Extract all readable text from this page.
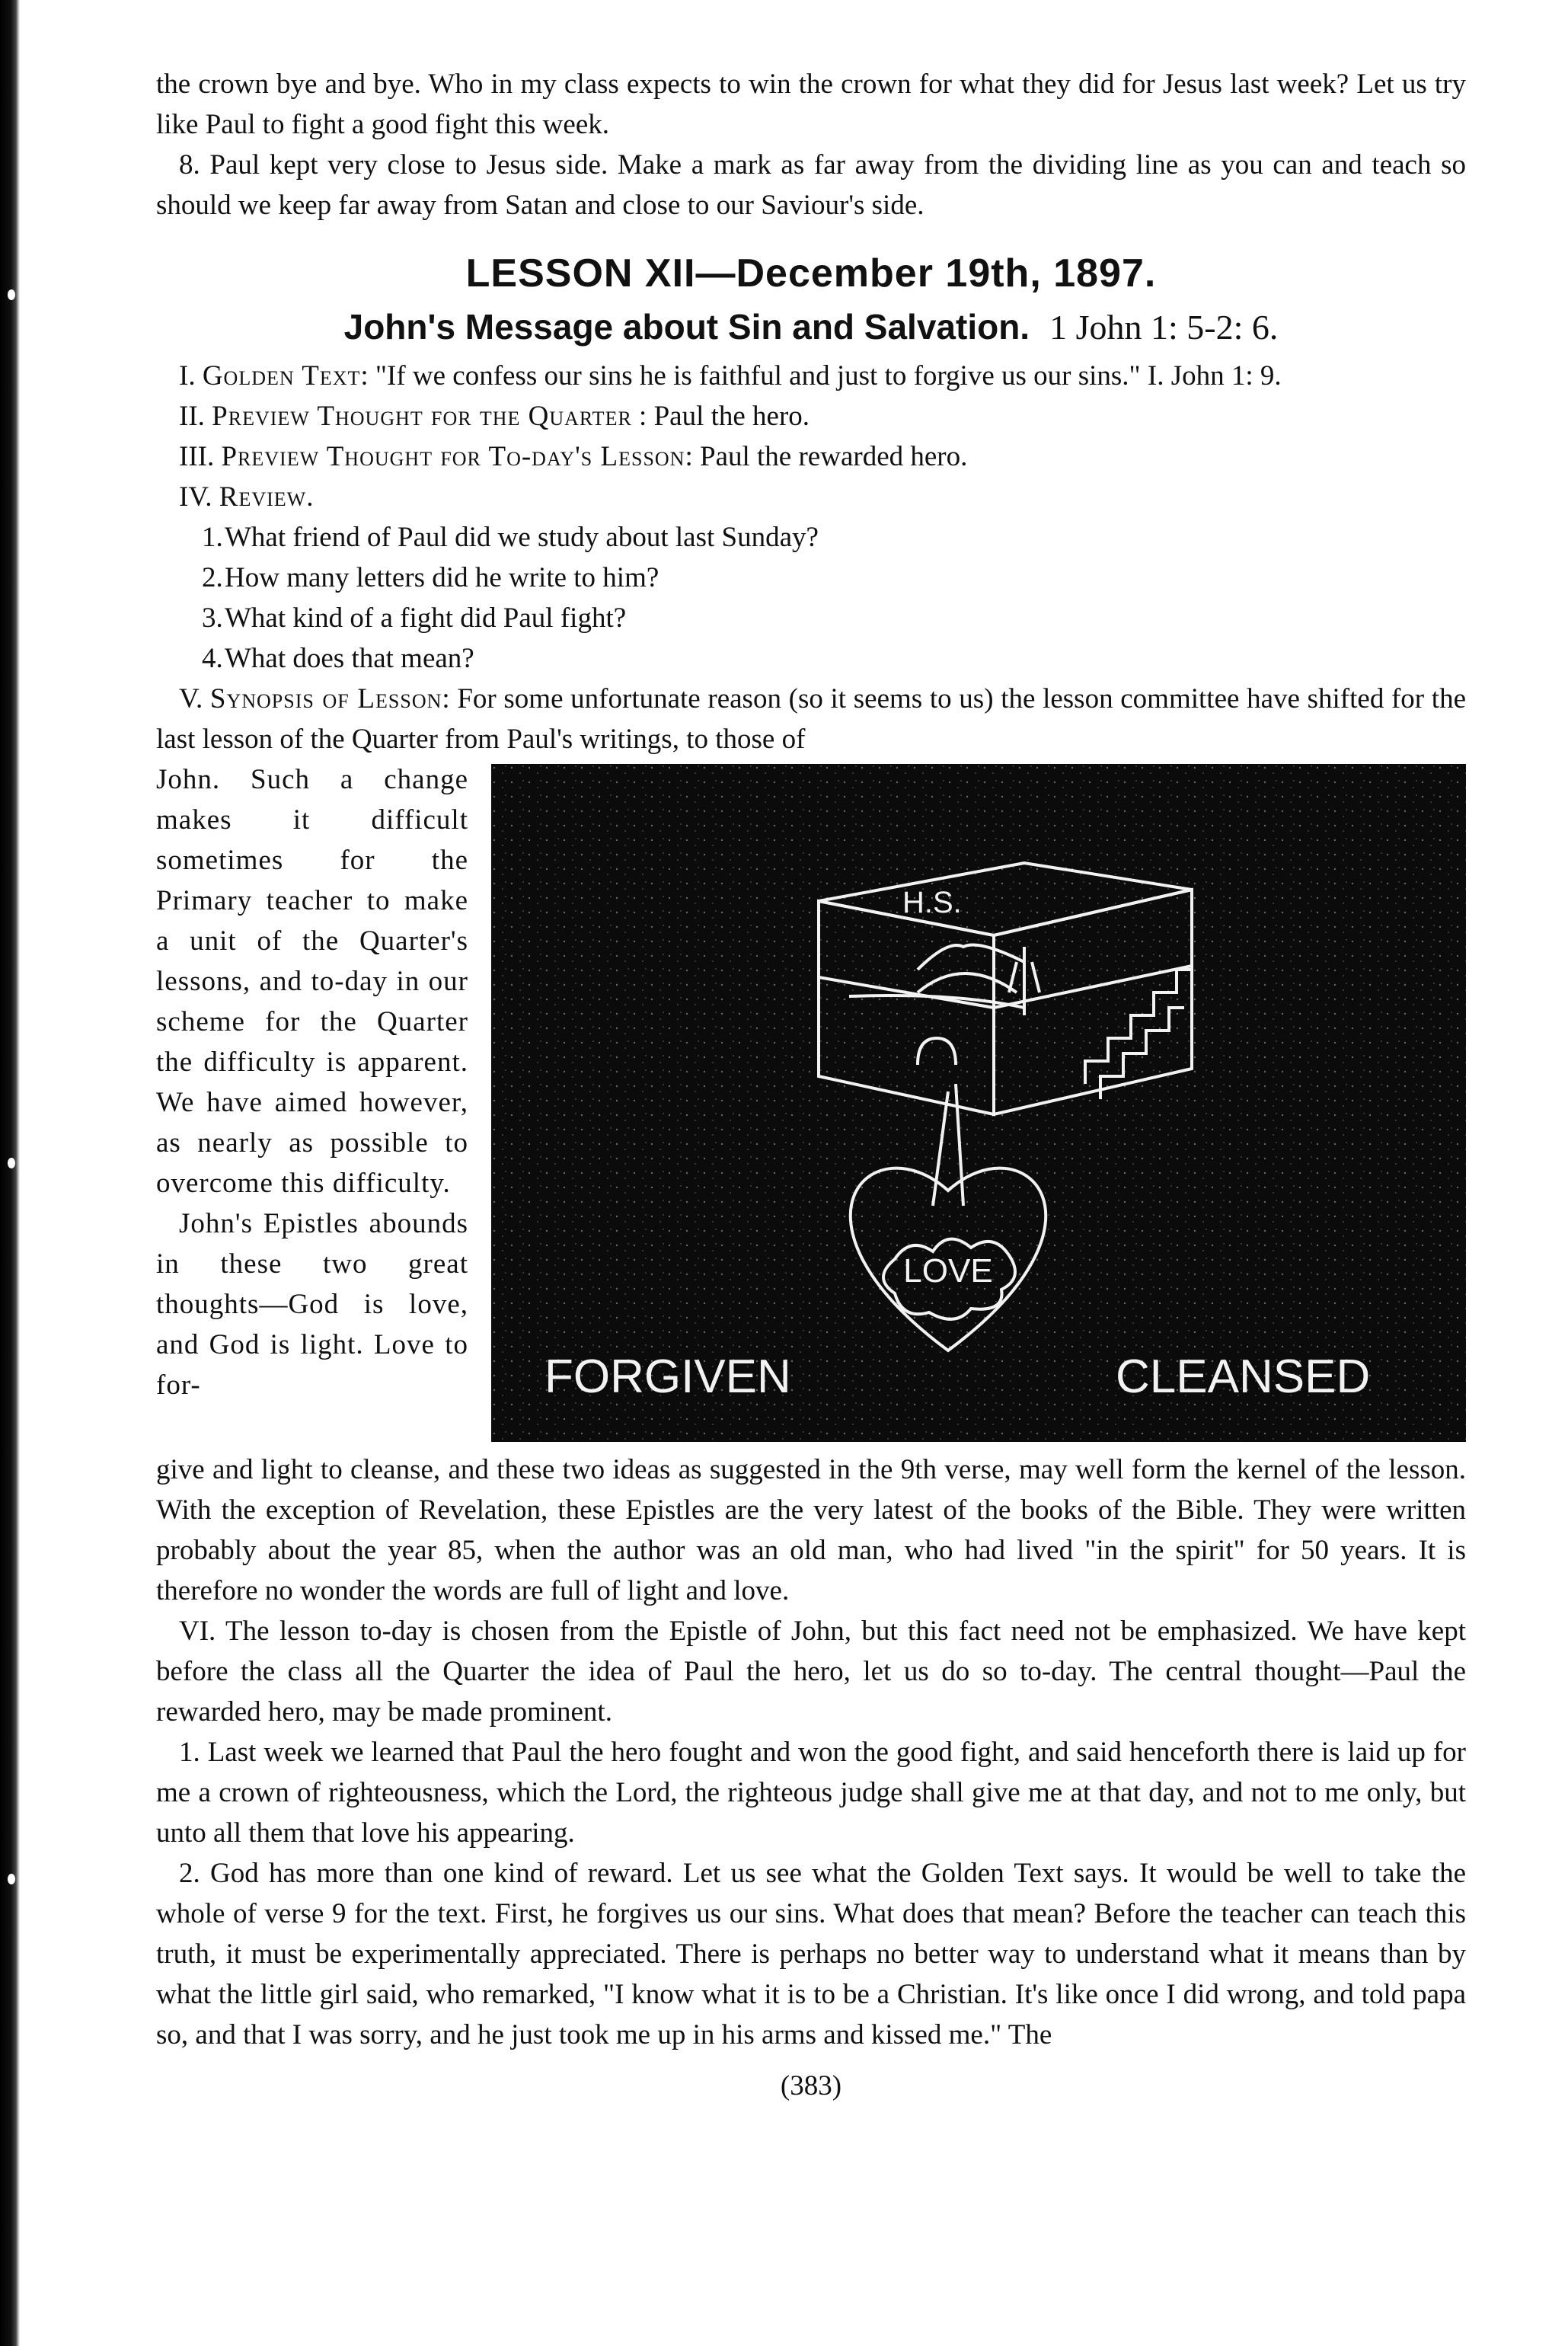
the crown bye and bye. Who in my class expects to win the crown for what they did for Jesus last week? Let us try like Paul to fight a good fight this week.

8. Paul kept very close to Jesus side. Make a mark as far away from the dividing line as you can and teach so should we keep far away from Satan and close to our Saviour's side.

LESSON XII—December 19th, 1897.
John's Message about Sin and Salvation. 1 John 1: 5-2: 6.

I. Golden Text: "If we confess our sins he is faithful and just to forgive us our sins." I. John 1: 9.

II. Preview Thought for the Quarter : Paul the hero.

III. Preview Thought for To-day's Lesson: Paul the rewarded hero.

IV. Review.

1.What friend of Paul did we study about last Sunday?

2.How many letters did he write to him?

3.What kind of a fight did Paul fight?

4.What does that mean?

V. Synopsis of Lesson: For some unfortunate reason (so it seems to us) the lesson committee have shifted for the last lesson of the Quarter from Paul's writings, to those of

H.S.
LOVE
FORGIVEN	CLEANSED

John. Such a change makes it difficult sometimes for the Primary teacher to make a unit of the Quarter's lessons, and to-day in our scheme for the Quarter the difficulty is apparent. We have aimed however, as nearly as possible to overcome this difficulty.

John's Epistles abounds in these two great thoughts—God is love, and God is light. Love to for-

give and light to cleanse, and these two ideas as suggested in the 9th verse, may well form the kernel of the lesson. With the exception of Revelation, these Epistles are the very latest of the books of the Bible. They were written probably about the year 85, when the author was an old man, who had lived "in the spirit" for 50 years. It is therefore no wonder the words are full of light and love.

VI. The lesson to-day is chosen from the Epistle of John, but this fact need not be emphasized. We have kept before the class all the Quarter the idea of Paul the hero, let us do so to-day. The central thought—Paul the rewarded hero, may be made prominent.

1. Last week we learned that Paul the hero fought and won the good fight, and said henceforth there is laid up for me a crown of righteousness, which the Lord, the righteous judge shall give me at that day, and not to me only, but unto all them that love his appearing.

2. God has more than one kind of reward. Let us see what the Golden Text says. It would be well to take the whole of verse 9 for the text. First, he forgives us our sins. What does that mean? Before the teacher can teach this truth, it must be experimentally appreciated. There is perhaps no better way to understand what it means than by what the little girl said, who remarked, "I know what it is to be a Christian. It's like once I did wrong, and told papa so, and that I was sorry, and he just took me up in his arms and kissed me." The

(383)
